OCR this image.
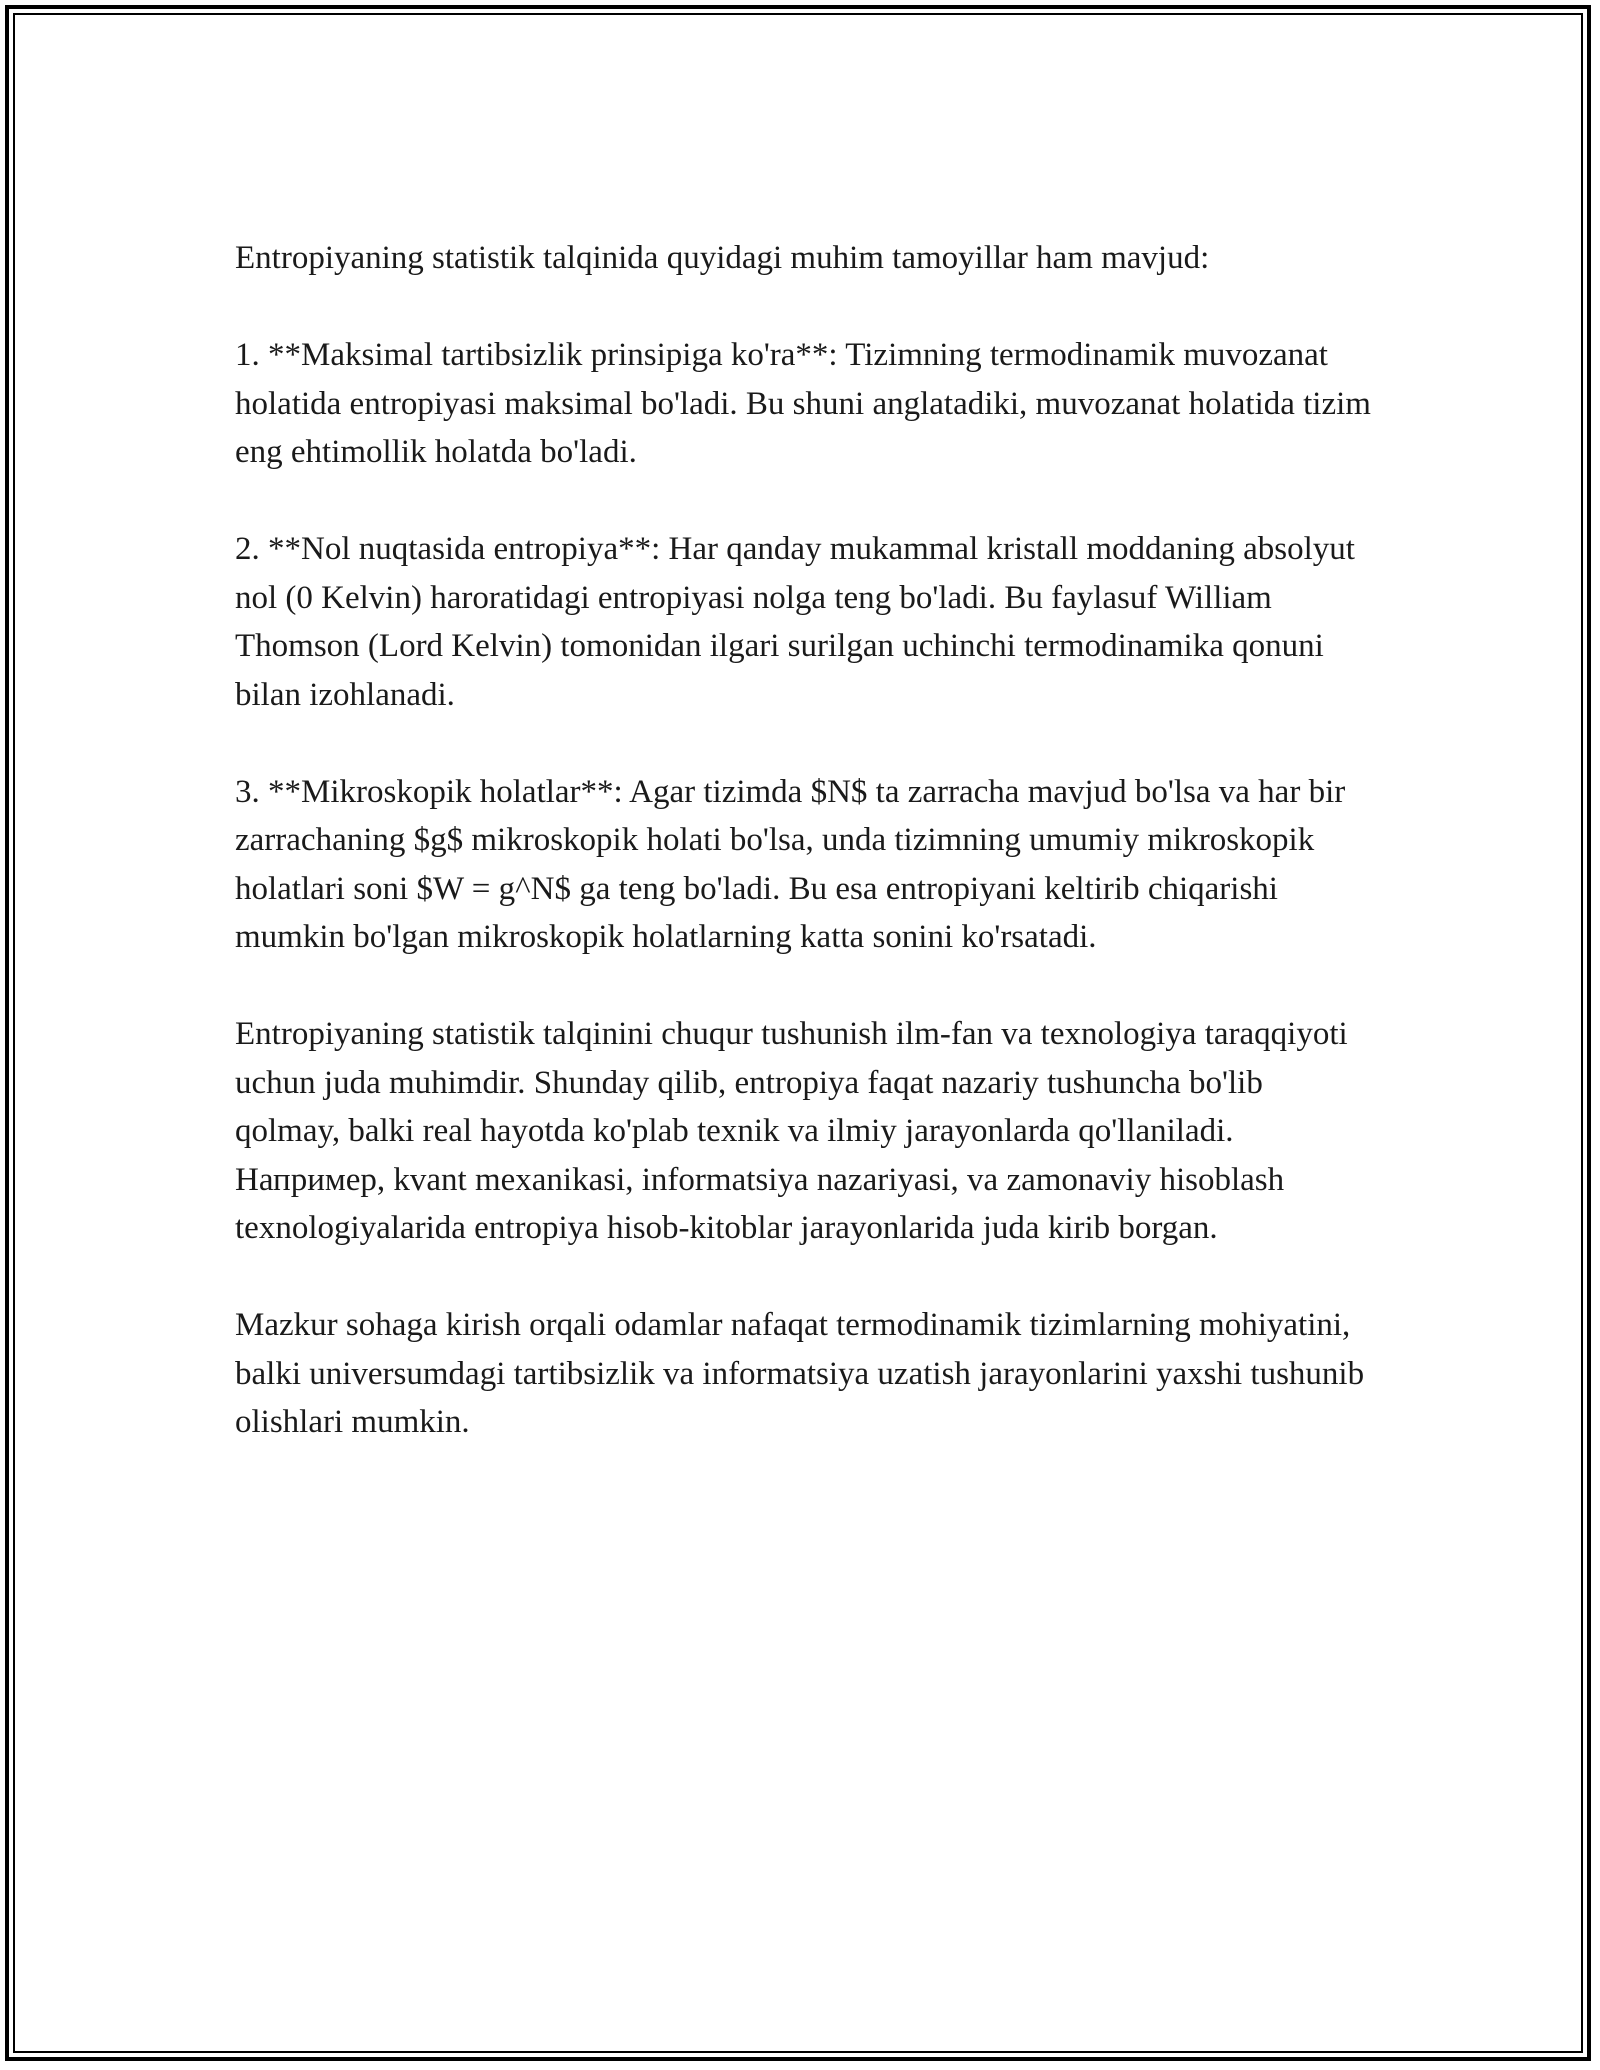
Entropiyaning statistik talqinida quyidagi muhim tamoyillar ham mavjud:

1. **Maksimal tartibsizlik prinsipiga ko'ra**: Tizimning termodinamik muvozanat holatida entropiyasi maksimal bo'ladi. Bu shuni anglatadiki, muvozanat holatida tizim eng ehtimollik holatda bo'ladi.

2. **Nol nuqtasida entropiya**: Har qanday mukammal kristall moddaning absolyut nol (0 Kelvin) haroratidagi entropiyasi nolga teng bo'ladi. Bu faylasuf William Thomson (Lord Kelvin) tomonidan ilgari surilgan uchinchi termodinamika qonuni bilan izohlanadi.

3. **Mikroskopik holatlar**: Agar tizimda $N$ ta zarracha mavjud bo'lsa va har bir zarrachaning $g$ mikroskopik holati bo'lsa, unda tizimning umumiy mikroskopik holatlari soni $W = g^N$ ga teng bo'ladi. Bu esa entropiyani keltirib chiqarishi mumkin bo'lgan mikroskopik holatlarning katta sonini ko'rsatadi.

Entropiyaning statistik talqinini chuqur tushunish ilm-fan va texnologiya taraqqiyoti uchun juda muhimdir. Shunday qilib, entropiya faqat nazariy tushuncha bo'lib qolmay, balki real hayotda ko'plab texnik va ilmiy jarayonlarda qo'llaniladi. Например, kvant mexanikasi, informatsiya nazariyasi, va zamonaviy hisoblash texnologiyalarida entropiya hisob-kitoblar jarayonlarida juda kirib borgan.

Mazkur sohaga kirish orqali odamlar nafaqat termodinamik tizimlarning mohiyatini, balki universumdagi tartibsizlik va informatsiya uzatish jarayonlarini yaxshi tushunib olishlari mumkin.
